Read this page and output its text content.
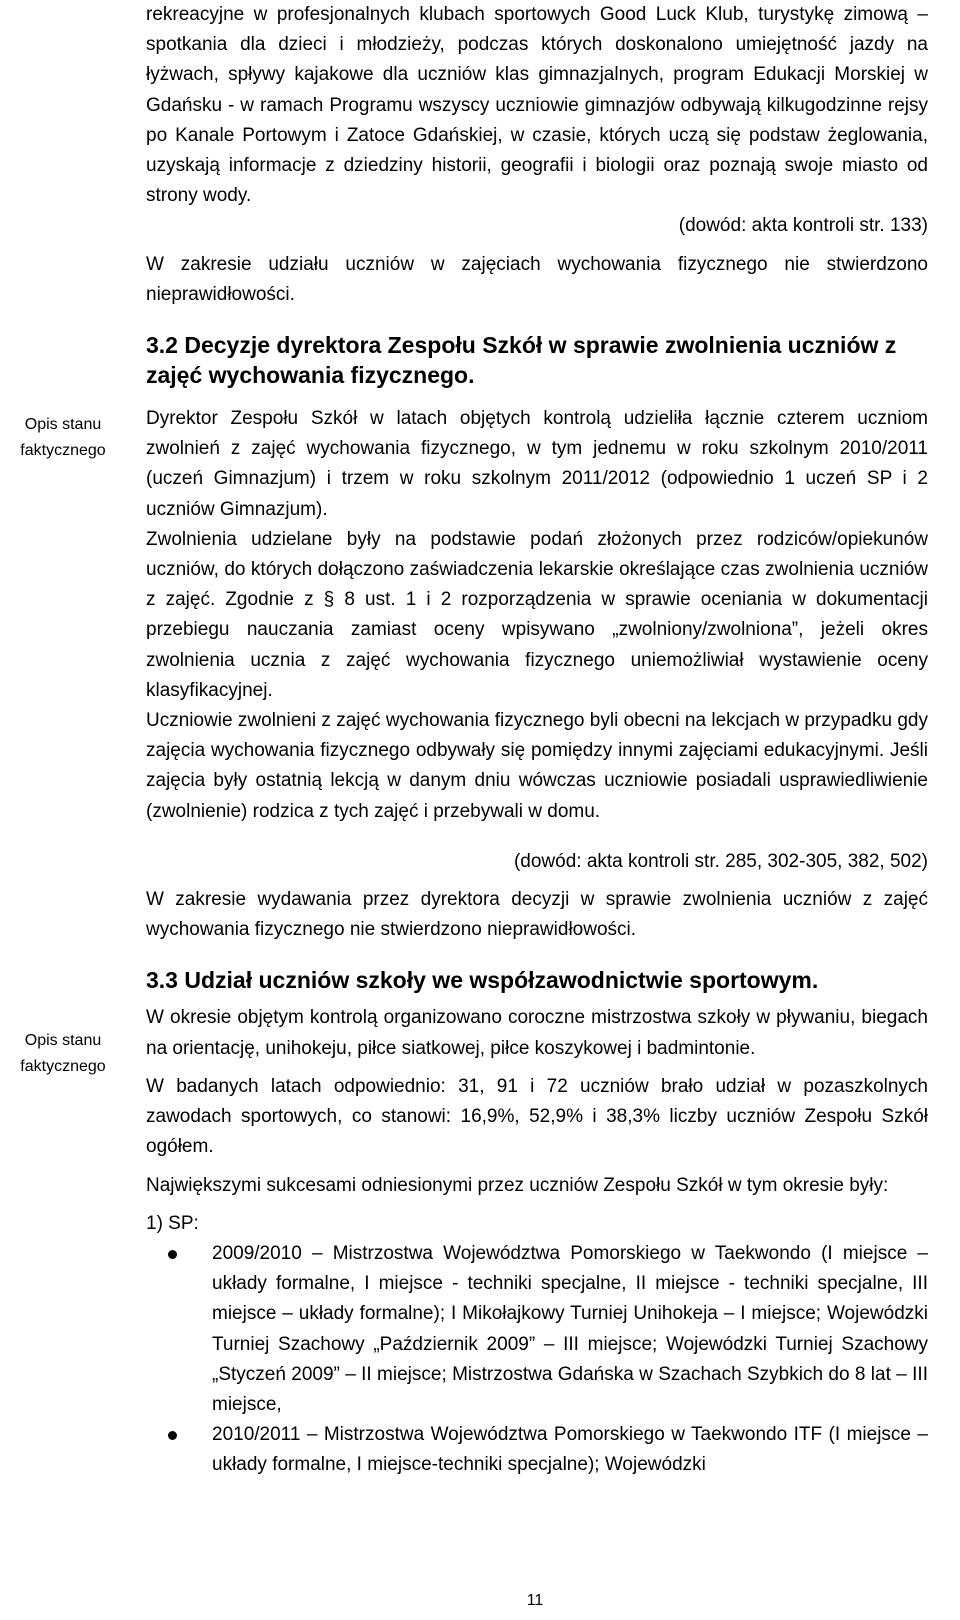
Opis stanu faktycznego
Opis stanu faktycznego

rekreacyjne w profesjonalnych klubach sportowych Good Luck Klub, turystykę zimową – spotkania dla dzieci i młodzieży, podczas których doskonalono umiejętność jazdy na łyżwach, spływy kajakowe dla uczniów klas gimnazjalnych, program Edukacji Morskiej w Gdańsku - w ramach Programu wszyscy uczniowie gimnazjów odbywają kilkugodzinne rejsy po Kanale Portowym i Zatoce Gdańskiej, w czasie, których uczą się podstaw żeglowania, uzyskają informacje z dziedziny historii, geografii i biologii oraz poznają swoje miasto od strony wody.

(dowód: akta kontroli str. 133)

W zakresie udziału uczniów w zajęciach wychowania fizycznego nie stwierdzono nieprawidłowości.

3.2 Decyzje dyrektora Zespołu Szkół w sprawie zwolnienia uczniów z zajęć wychowania fizycznego.

Dyrektor Zespołu Szkół w latach objętych kontrolą udzieliła łącznie czterem uczniom zwolnień z zajęć wychowania fizycznego, w tym jednemu w roku szkolnym 2010/2011 (uczeń Gimnazjum) i trzem w roku szkolnym 2011/2012 (odpowiednio 1 uczeń SP i 2 uczniów Gimnazjum).

Zwolnienia udzielane były na podstawie podań złożonych przez rodziców/opiekunów uczniów, do których dołączono zaświadczenia lekarskie określające czas zwolnienia uczniów z zajęć. Zgodnie z § 8 ust. 1 i 2 rozporządzenia w sprawie oceniania w dokumentacji przebiegu nauczania zamiast oceny wpisywano „zwolniony/zwolniona”, jeżeli okres zwolnienia ucznia z zajęć wychowania fizycznego uniemożliwiał wystawienie oceny klasyfikacyjnej.

Uczniowie zwolnieni z zajęć wychowania fizycznego byli obecni na lekcjach w przypadku gdy zajęcia wychowania fizycznego odbywały się pomiędzy innymi zajęciami edukacyjnymi. Jeśli zajęcia były ostatnią lekcją w danym dniu wówczas uczniowie posiadali usprawiedliwienie (zwolnienie) rodzica z tych zajęć i przebywali w domu.

(dowód: akta kontroli str. 285, 302-305, 382, 502)

W zakresie wydawania przez dyrektora decyzji w sprawie zwolnienia uczniów z zajęć wychowania fizycznego nie stwierdzono nieprawidłowości.

3.3 Udział uczniów szkoły we współzawodnictwie sportowym.

W okresie objętym kontrolą organizowano coroczne mistrzostwa szkoły w pływaniu, biegach na orientację, unihokeju, piłce siatkowej, piłce koszykowej i badmintonie.

W badanych latach odpowiednio: 31, 91 i 72 uczniów brało udział w pozaszkolnych zawodach sportowych, co stanowi: 16,9%, 52,9% i 38,3% liczby uczniów Zespołu Szkół ogółem.

Największymi sukcesami odniesionymi przez uczniów Zespołu Szkół w tym okresie były:

1) SP:

2009/2010 – Mistrzostwa Województwa Pomorskiego w Taekwondo (I miejsce – układy formalne, I miejsce - techniki specjalne, II miejsce - techniki specjalne, III miejsce – układy formalne); I Mikołajkowy Turniej Unihokeja – I miejsce; Wojewódzki Turniej Szachowy „Październik 2009” – III miejsce; Wojewódzki Turniej Szachowy „Styczeń 2009” – II miejsce; Mistrzostwa Gdańska w Szachach Szybkich do 8 lat – III miejsce,
2010/2011 – Mistrzostwa Województwa Pomorskiego w Taekwondo ITF (I miejsce – układy formalne, I miejsce-techniki specjalne); Wojewódzki
11
